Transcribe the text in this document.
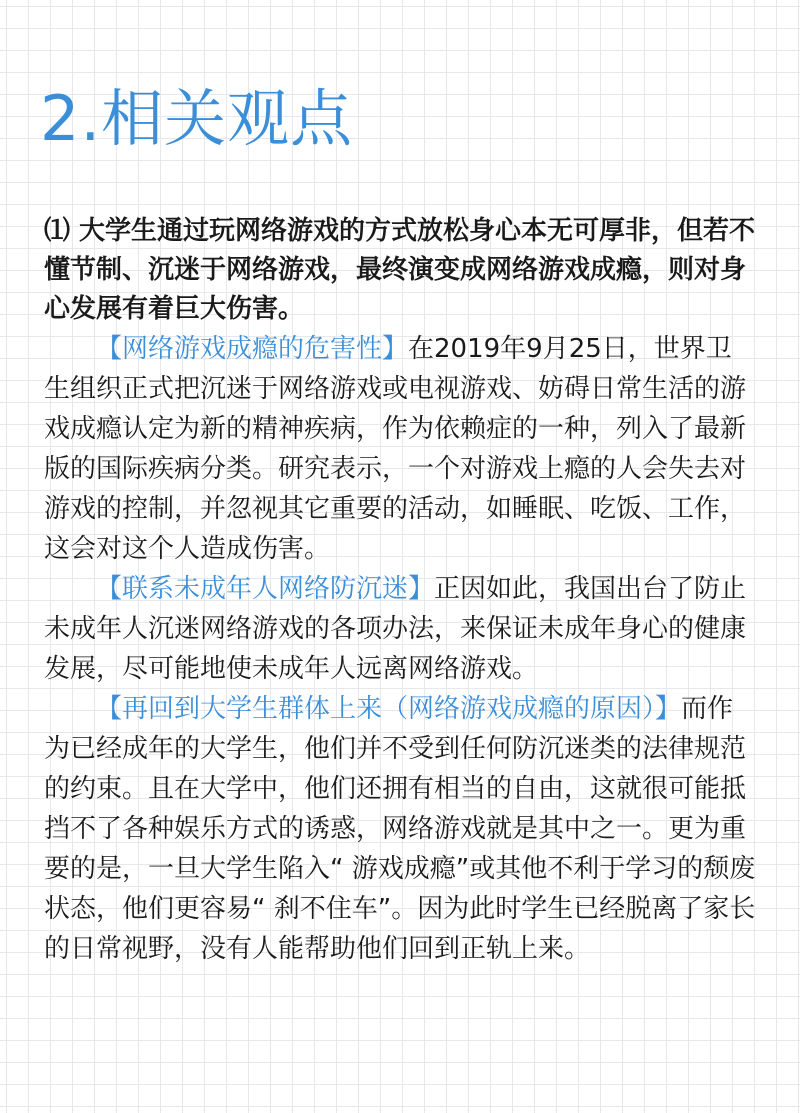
2.相关观点

⑴ 大学生通过玩网络游戏的方式放松身心本无可厚非，但若不懂节制、沉迷于网络游戏，最终演变成网络游戏成瘾，则对身心发展有着巨大伤害。

【网络游戏成瘾的危害性】在2019年9月25日，世界卫生组织正式把沉迷于网络游戏或电视游戏、妨碍日常生活的游戏成瘾认定为新的精神疾病，作为依赖症的一种，列入了最新版的国际疾病分类。研究表示，一个对游戏上瘾的人会失去对游戏的控制，并忽视其它重要的活动，如睡眠、吃饭、工作，这会对这个人造成伤害。

【联系未成年人网络防沉迷】正因如此，我国出台了防止未成年人沉迷网络游戏的各项办法，来保证未成年身心的健康发展，尽可能地使未成年人远离网络游戏。

【再回到大学生群体上来（网络游戏成瘾的原因）】而作为已经成年的大学生，他们并不受到任何防沉迷类的法律规范的约束。且在大学中，他们还拥有相当的自由，这就很可能抵挡不了各种娱乐方式的诱惑，网络游戏就是其中之一。更为重要的是，一旦大学生陷入“ 游戏成瘾”或其他不利于学习的颓废状态，他们更容易“ 刹不住车”。因为此时学生已经脱离了家长的日常视野，没有人能帮助他们回到正轨上来。
